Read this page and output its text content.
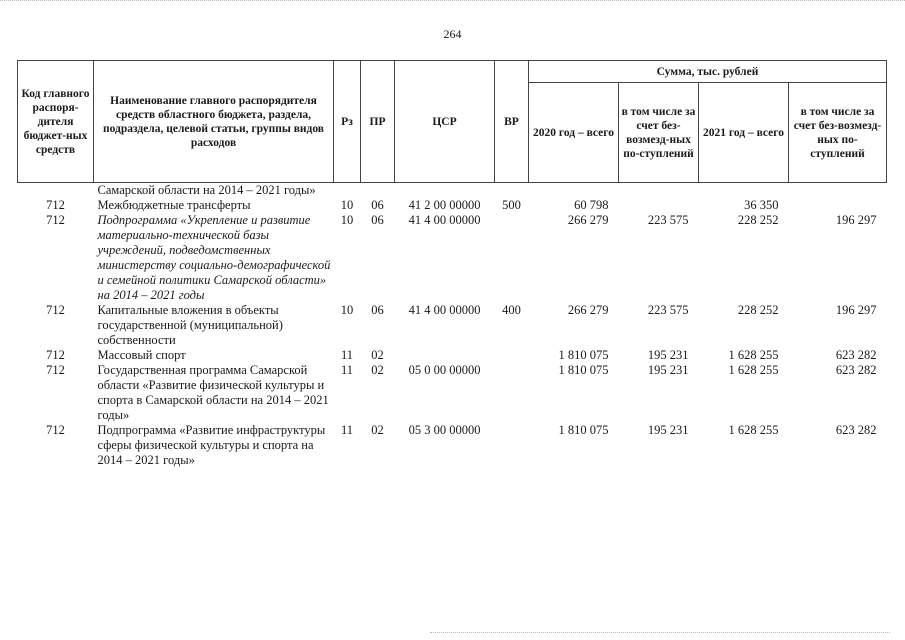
264
Код главного распоря-дителя бюджет-ных средств	Наименование главного распорядителя средств областного бюджета, раздела, подраздела, целевой статьи, группы видов расходов	Рз	ПР	ЦСР	ВР	Сумма, тыс. рублей			
						2020 год – всего	в том числе за счет без-возмезд-ных по-ступлений	2021 год – всего	в том числе за счет без-возмезд-ных по-ступлений
	Самарской области на 2014 – 2021 годы»								
712	Межбюджетные трансферты	10	06	41 2 00 00000	500	60 798		36 350	
712	Подпрограмма «Укрепление и развитие материально-технической базы учреждений, подведомственных министерству социально-демографической и семейной политики Самарской области» на 2014 – 2021 годы	10	06	41 4 00 00000		266 279	223 575	228 252	196 297
712	Капитальные вложения в объекты государственной (муниципальной) собственности	10	06	41 4 00 00000	400	266 279	223 575	228 252	196 297
712	Массовый спорт	11	02			1 810 075	195 231	1 628 255	623 282
712	Государственная программа Самарской области «Развитие физической культуры и спорта в Самарской области на 2014 – 2021 годы»	11	02	05 0 00 00000		1 810 075	195 231	1 628 255	623 282
712	Подпрограмма «Развитие инфраструктуры сферы физической культуры и спорта на 2014 – 2021 годы»	11	02	05 3 00 00000		1 810 075	195 231	1 628 255	623 282
